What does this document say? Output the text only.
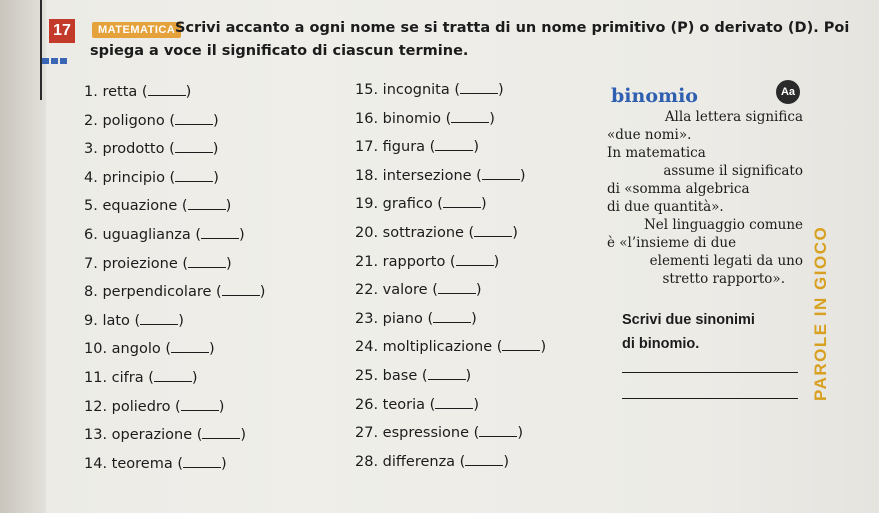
17	MATEMATICA Scrivi accanto a ogni nome se si tratta di un nome primitivo (P) o derivato (D). Poi
spiega a voce il significato di ciascun termine.
1. retta (	)
2. poligono (	)
3. prodotto (	)
4. principio (	)
5. equazione (	)
6. uguaglianza (	)
7. proiezione (	)
8. perpendicolare (	)
9. lato (	)
10. angolo (	)
11. cifra (	)
12. poliedro (	)
13. operazione (	)
14. teorema (	)
15. incognita (	)
16. binomio (	)
17. figura (	)
18. intersezione (	)
19. grafico (	)
20. sottrazione (	)
21. rapporto (	)
22. valore (	)
23. piano (	)
24. moltiplicazione (	)
25. base (	)
26. teoria (	)
27. espressione (	)
28. differenza (	)
binomio	Aa

Alla lettera significa

«due nomi».

In matematica

assume il significato

di «somma algebrica

di due quantità».

Nel linguaggio comune

è «l’insieme di due

elementi legati da uno

stretto rapporto».

Scrivi due sinonimi
di binomio.	PAROLE IN GIOCO
